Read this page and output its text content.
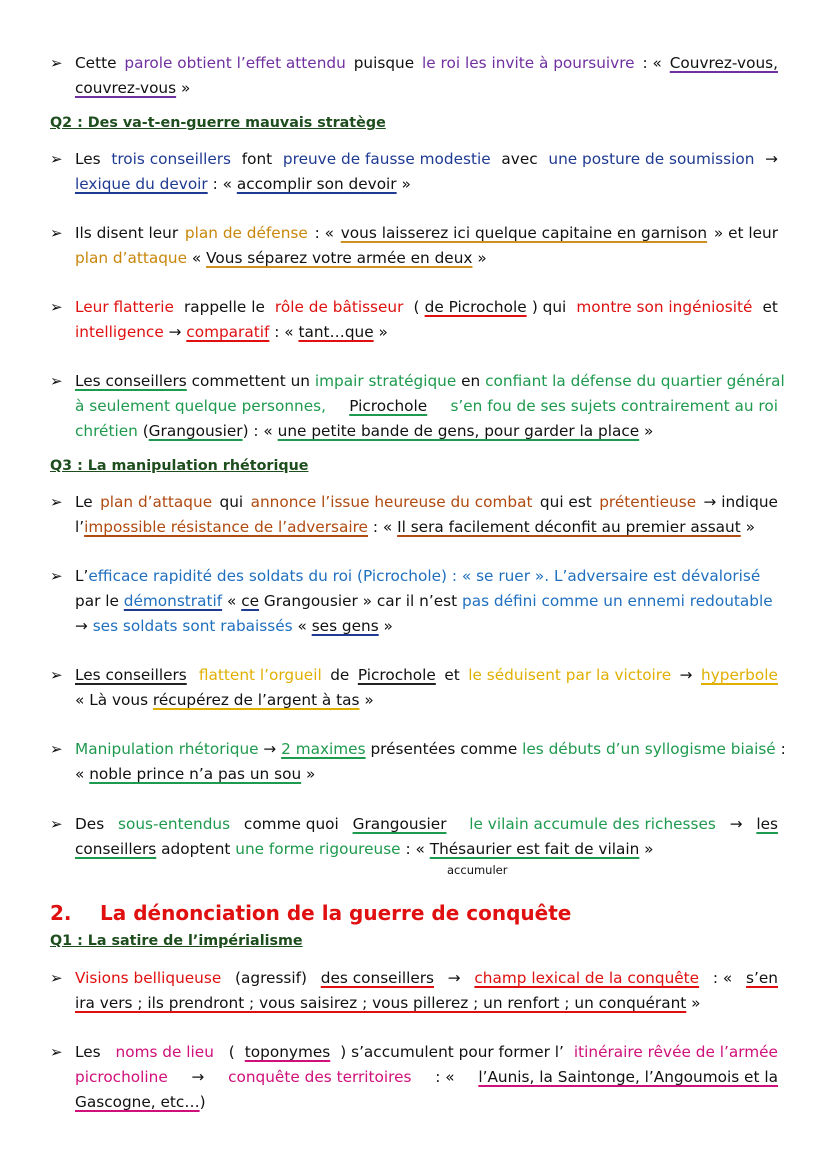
➢ Cette parole obtient l’effet attendu puisque le roi les invite à poursuivre : « Couvrez-vous,
couvrez-vous »
Q2 : Des va-t-en-guerre mauvais stratège
➢ Les trois conseillers font preuve de fausse modestie avec une posture de soumission →
lexique du devoir : « accomplir son devoir »
➢ Ils disent leur plan de défense : « vous laisserez ici quelque capitaine en garnison » et leur
plan d’attaque « Vous séparez votre armée en deux »
➢ Leur flatterie rappelle le rôle de bâtisseur ( de Picrochole ) qui montre son ingéniosité et
intelligence → comparatif : « tant…que »
➢ Les conseillers commettent un impair stratégique en confiant la défense du quartier général
à seulement quelque personnes, Picrochole s’en fou de ses sujets contrairement au roi
chrétien (Grangousier) : « une petite bande de gens, pour garder la place »
Q3 : La manipulation rhétorique
➢ Le plan d’attaque qui annonce l’issue heureuse du combat qui est prétentieuse → indique
l’impossible résistance de l’adversaire : « Il sera facilement déconfit au premier assaut »
➢ L’efficace rapidité des soldats du roi (Picrochole) : « se ruer ». L’adversaire est dévalorisé
par le démonstratif « ce Grangousier » car il n’est pas défini comme un ennemi redoutable
→ ses soldats sont rabaissés « ses gens »
➢ Les conseillers
flattent l’orgueil de Picrochole et le séduisent par la victoire → hyperbole
« Là vous récupérez de l’argent à tas »
➢ Manipulation rhétorique → 2 maximes présentées comme les débuts d’un syllogisme biaisé :
« noble prince n’a pas un sou »
➢ Des sous-entendus comme quoi Grangousier
le vilain accumule des richesses → les
conseillers adoptent une forme rigoureuse : « Thésaurier est fait de vilain »
accumuler
2. La dénonciation de la guerre de conquête
Q1 : La satire de l’impérialisme
➢ Visions belliqueuse (agressif) des conseillers → champ lexical de la conquête : « s’en
ira vers ; ils prendront ; vous saisirez ; vous pillerez ; un renfort ; un conquérant »
➢ Les noms de lieu ( toponymes ) s’accumulent pour former l’ itinéraire rêvée de l’armée
picrocholine → conquête des territoires : « l’Aunis, la Saintonge, l’Angoumois et la
Gascogne, etc…)
